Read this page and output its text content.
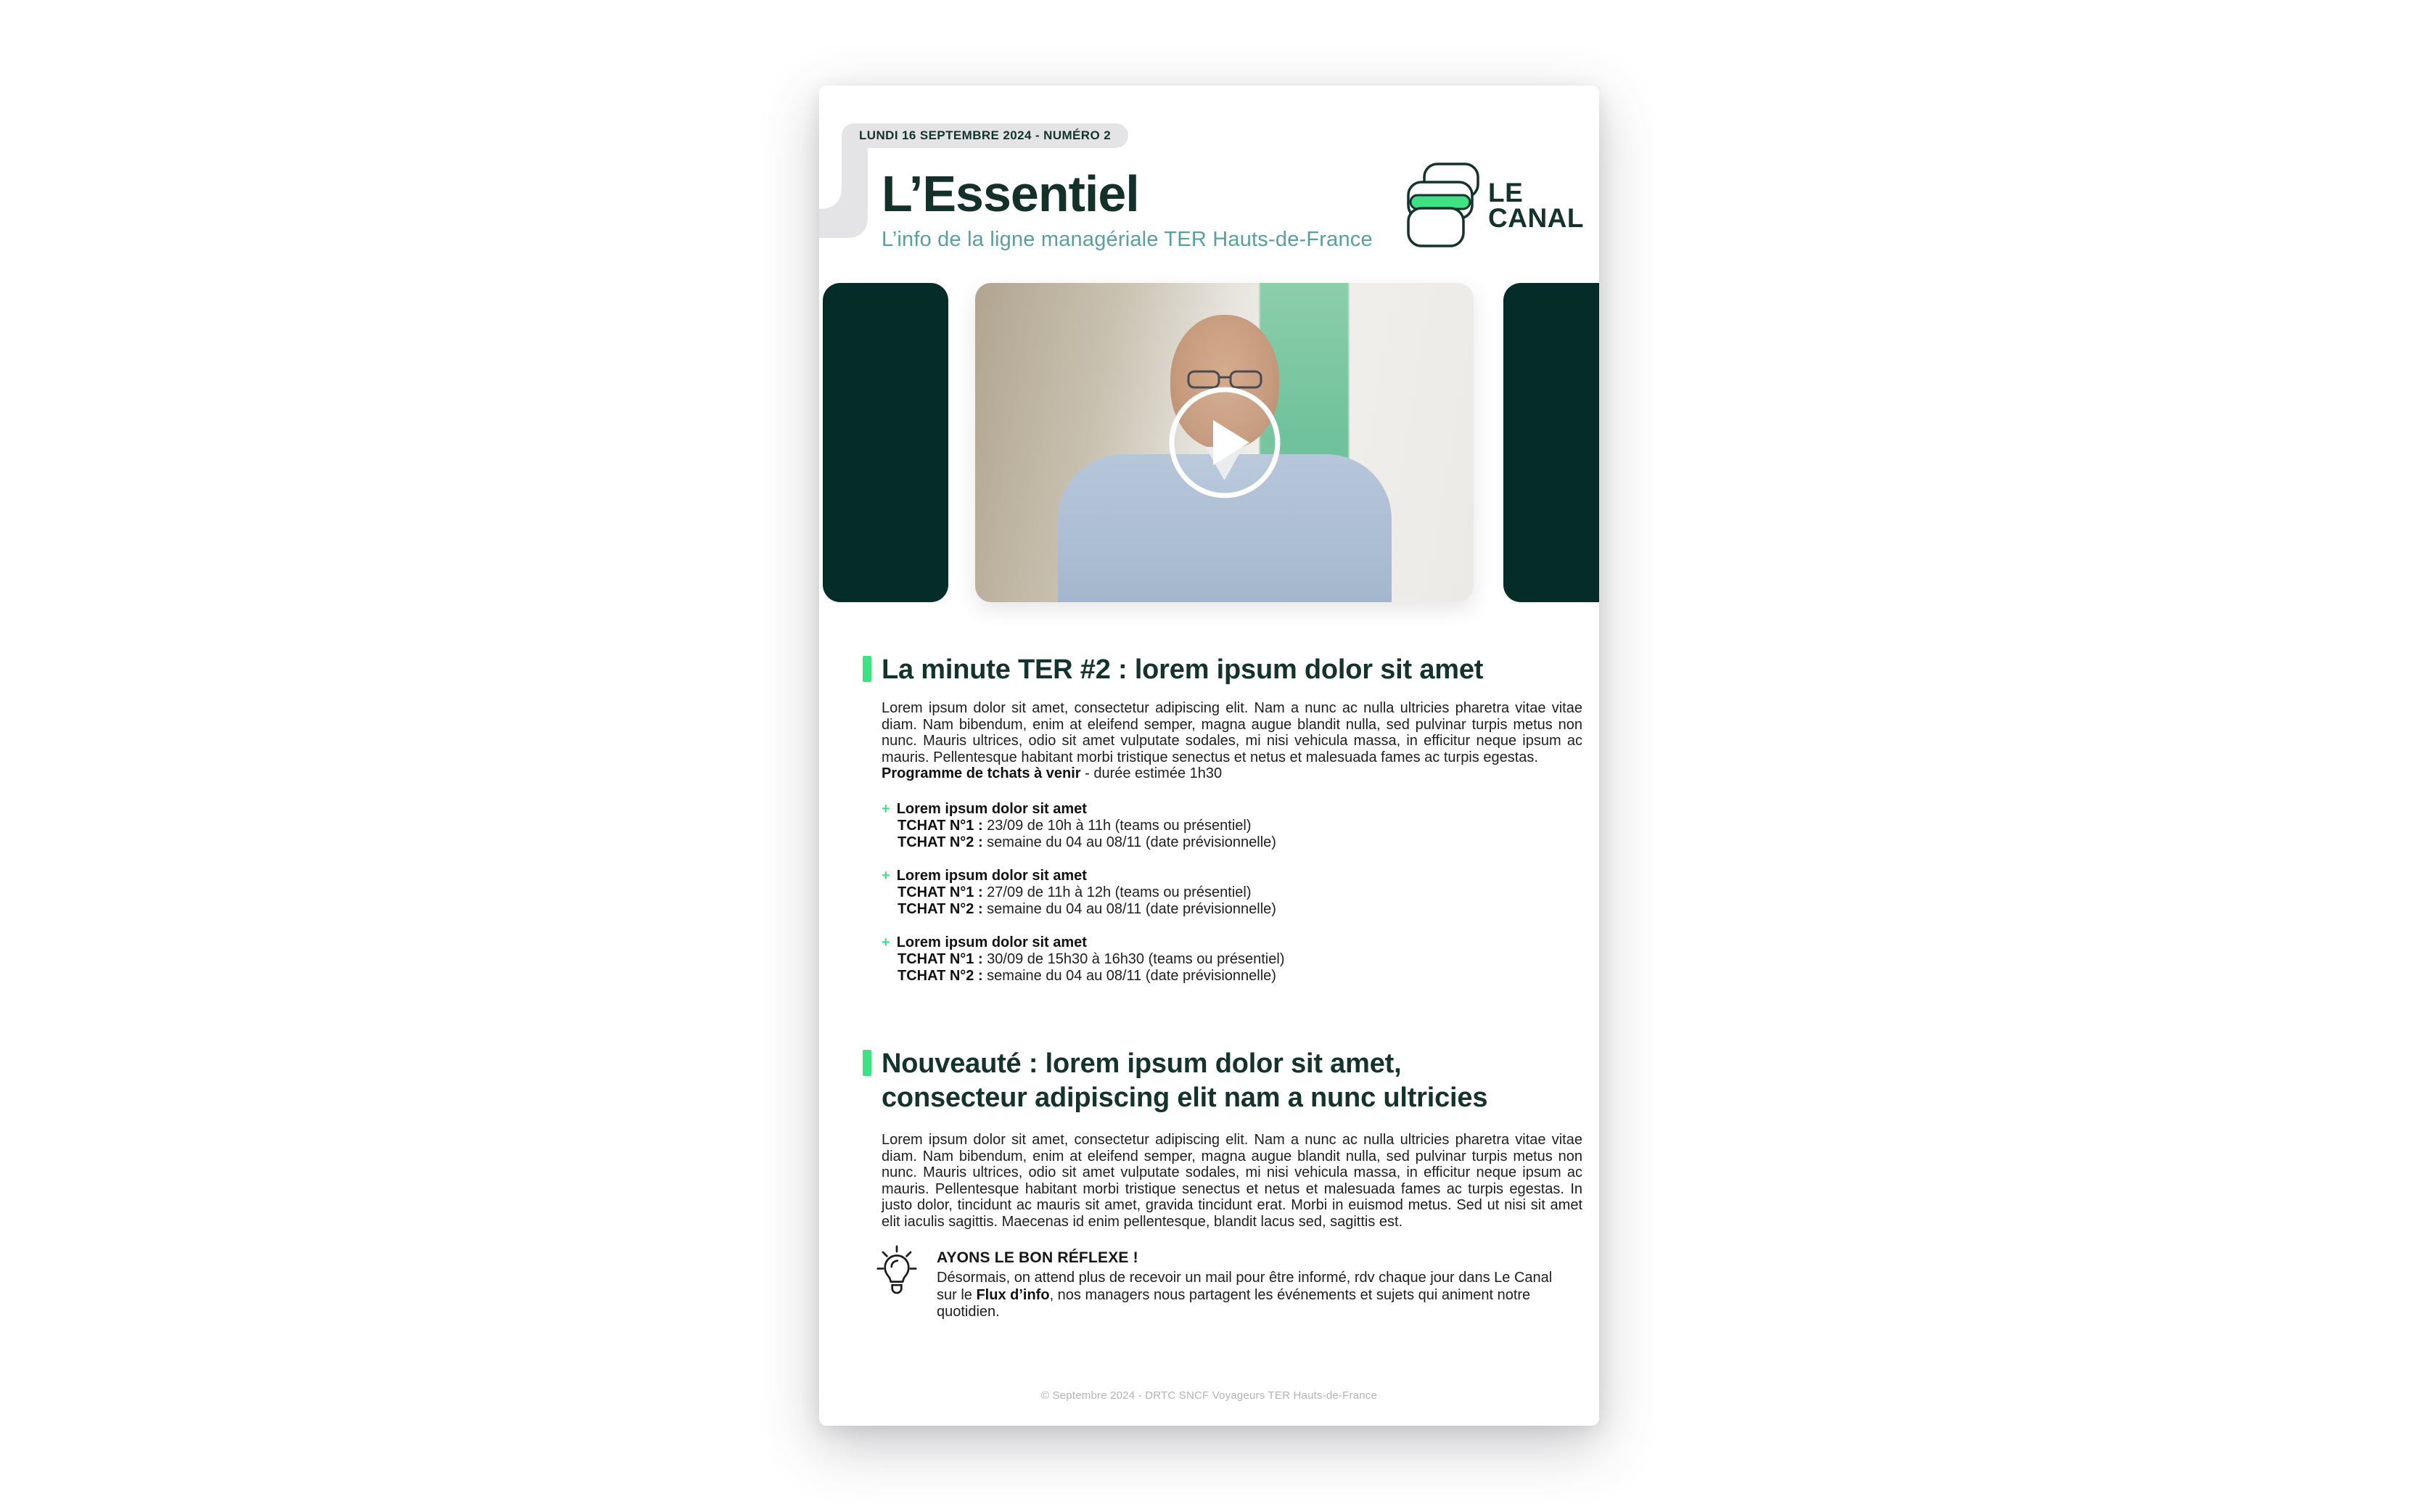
LUNDI 16 SEPTEMBRE 2024 - NUMÉRO 2
L’Essentiel
L’info de la ligne managériale TER Hauts-de-France
LE
CANAL
La minute TER #2 : lorem ipsum dolor sit amet
Lorem ipsum dolor sit amet, consectetur adipiscing elit. Nam a nunc ac nulla ultricies pharetra vitae vitae diam. Nam bibendum, enim at eleifend semper, magna augue blandit nulla, sed pulvinar turpis metus non nunc. Mauris ultrices, odio sit amet vulputate sodales, mi nisi vehicula massa, in efficitur neque ipsum ac mauris. Pellentesque habitant morbi tristique senectus et netus et malesuada fames ac turpis egestas.
Programme de tchats à venir - durée estimée 1h30
+ Lorem ipsum dolor sit amet
TCHAT N°1 : 23/09 de 10h à 11h (teams ou présentiel)
TCHAT N°2 : semaine du 04 au 08/11 (date prévisionnelle)
+ Lorem ipsum dolor sit amet
TCHAT N°1 : 27/09 de 11h à 12h (teams ou présentiel)
TCHAT N°2 : semaine du 04 au 08/11 (date prévisionnelle)
+ Lorem ipsum dolor sit amet
TCHAT N°1 : 30/09 de 15h30 à 16h30 (teams ou présentiel)
TCHAT N°2 : semaine du 04 au 08/11 (date prévisionnelle)
Nouveauté : lorem ipsum dolor sit amet,
consecteur adipiscing elit nam a nunc ultricies
Lorem ipsum dolor sit amet, consectetur adipiscing elit. Nam a nunc ac nulla ultricies pharetra vitae vitae diam. Nam bibendum, enim at eleifend semper, magna augue blandit nulla, sed pulvinar turpis metus non nunc. Mauris ultrices, odio sit amet vulputate sodales, mi nisi vehicula massa, in efficitur neque ipsum ac mauris. Pellentesque habitant morbi tristique senectus et netus et malesuada fames ac turpis egestas. In justo dolor, tincidunt ac mauris sit amet, gravida tincidunt erat. Morbi in euismod metus. Sed ut nisi sit amet elit iaculis sagittis. Maecenas id enim pellentesque, blandit lacus sed, sagittis est.
AYONS LE BON RÉFLEXE !
Désormais, on attend plus de recevoir un mail pour être informé, rdv chaque jour dans Le Canal sur le Flux d’info, nos managers nous partagent les événements et sujets qui animent notre quotidien.
© Septembre 2024 - DRTC SNCF Voyageurs TER Hauts-de-France
